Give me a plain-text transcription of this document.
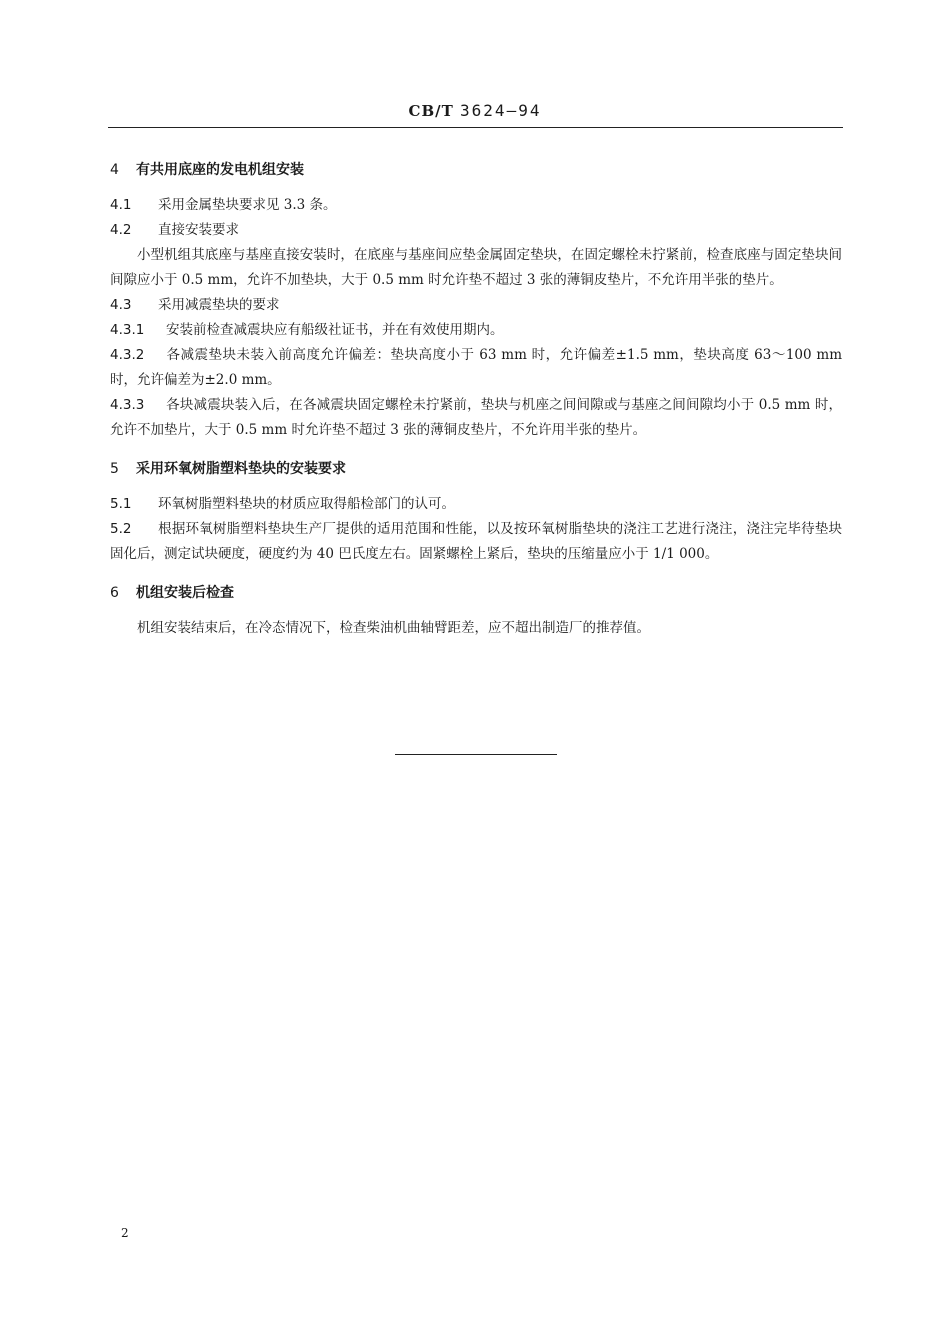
CB/T 3624—94
4 有共用底座的发电机组安装

4.1 采用金属垫块要求见 3.3 条。

4.2 直接安装要求

小型机组其底座与基座直接安装时，在底座与基座间应垫金属固定垫块，在固定螺栓未拧紧前，检查底座与固定垫块间间隙应小于 0.5 mm，允许不加垫块，大于 0.5 mm 时允许垫不超过 3 张的薄铜皮垫片，不允许用半张的垫片。

4.3 采用减震垫块的要求

4.3.1 安装前检查减震块应有船级社证书，并在有效使用期内。

4.3.2 各减震垫块未装入前高度允许偏差：垫块高度小于 63 mm 时，允许偏差±1.5 mm，垫块高度 63～100 mm 时，允许偏差为±2.0 mm。

4.3.3 各块减震块装入后，在各减震块固定螺栓未拧紧前，垫块与机座之间间隙或与基座之间间隙均小于 0.5 mm 时，允许不加垫片，大于 0.5 mm 时允许垫不超过 3 张的薄铜皮垫片，不允许用半张的垫片。

5 采用环氧树脂塑料垫块的安装要求

5.1 环氧树脂塑料垫块的材质应取得船检部门的认可。

5.2 根据环氧树脂塑料垫块生产厂提供的适用范围和性能，以及按环氧树脂垫块的浇注工艺进行浇注，浇注完毕待垫块固化后，测定试块硬度，硬度约为 40 巴氏度左右。固紧螺栓上紧后，垫块的压缩量应小于 1/1 000。

6 机组安装后检查

机组安装结束后，在冷态情况下，检查柴油机曲轴臂距差，应不超出制造厂的推荐值。

2
